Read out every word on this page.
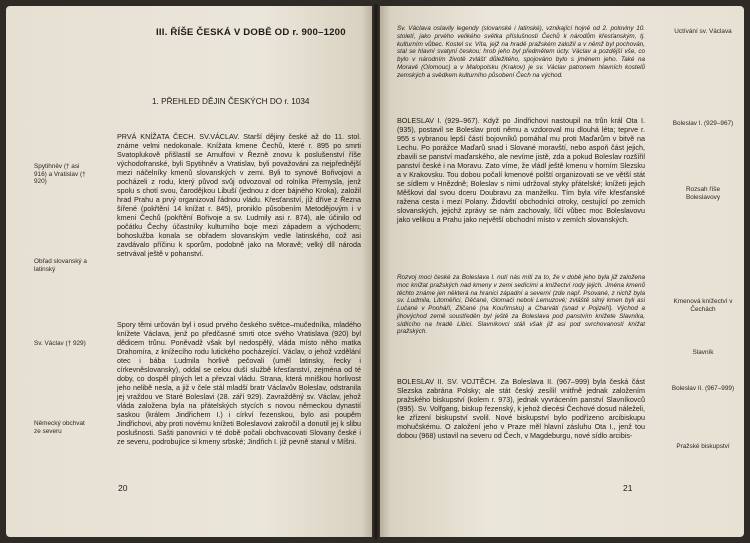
III. ŘÍŠE ČESKÁ V DOBĚ OD r. 900–1200
1. PŘEHLED DĚJIN ČESKÝCH DO r. 1034
Spytihněv († asi 916) a Vratislav († 920)
Obřad slovanský a latinský
Sv. Václav († 929)
Německý obchvat ze severu
PRVÁ KNÍŽATA ČECH. SV.VÁCLAV. Starší dějiny české až do 11. stol. známe velmi nedokonale. Knížata kmene Čechů, které r. 895 po smrti Svatoplukově přišlastil se Arnulfovi v Řezně znovu k poslušenství říše východofranské, byli Spytihněv a Vratislav, byli považováni za nejpřednější mezi náčelníky kmenů slovanských v zemi. Byli to synové Bořivojovi a pocházeli z rodu, který původ svůj odvozoval od rolníka Přemysla, jenž spolu s chotí svou, čarodějkou Libuší (jednou z dcer bájného Kroka), založil hrad Prahu a prvý organizoval řádnou vládu. Křesťanství, jíž dříve z Řezna šířené (pokřtění 14 knížat r. 845), proniklo působením Metodějovým i v kmeni Čechů (pokřtění Bořivoje a sv. Ludmily asi r. 874), ale účinilo od počátku Čechy účastníky kulturního boje mezi západem a východem; bohoslužba konala se obřadem slovanským vedle latinského, což asi zavdávalo příčinu k sporům, podobně jako na Moravě; velký díl národa setrvával ještě v pohanství.
Spory těmi určován byl i osud prvého českého světce–mučedníka, mladého knížete Václava, jenž po předčasné smrti otce svého Vratislava (920) byl dědicem trůnu. Poněvadž však byl nedospělý, vláda místo něho matka Drahomíra, z knížecího rodu lutického pocházející. Václav, o jehož vzdělání otec i bába Ludmila horlivě pečovali (uměl latinsky, řecky i církevněslovansky), oddal se celou duší službě křesťanství, zejména od té doby, co dospěl plných let a převzal vládu. Strana, která mniškou horlivost jeho nelibě nesla, a již v čele stál mladší bratr Václavův Boleslav, odstranila jej vraždou ve Staré Boleslavi (28. září 929). Zavražděný sv. Václav, jehož vláda založena byla na přátelských stycích s novou německou dynastií saskou (králem Jindřichem I.) i církví řezenskou, bylo asi poupěm Jindřichovi, aby proti novému knížeti Boleslavovi zakročil a donutil jej k slibu poslušnosti. Sašti panovnici v té době počali obchvacovati Slovany české i ze severu, podrobujíce si kmeny srbské; Jindřich I. již pevně stanul v Míšni.
20
Uctívání sv. Václava
Boleslav I. (929–967)
Rozsah říše Boleslavovy
Kmenová knížectví v Čechách
Slavník
Boleslav II. (967–999)
Pražské biskupství
Sv. Václava oslavily legendy (slovanské i latinské), vznikající hojně od 2. poloviny 10. století, jako prvého velikého světka příslušnosti Čechů k národům křesťanským, tj. kulturním vůbec. Kostel sv. Víta, jejž na hradě pražském založil a v němž byl pochován, stal se hlavní svatyní českou; hrob jeho byl předmětem úcty. Václav a pozdější vše, co bylo v národním životě zvlášť důležitého, spojováno bylo s jménem jeho. Také na Moravě (Olomouc) a v Malopolsku (Krakov) je sv. Václav patronem hlavních kostelů zemských a svědkem kulturního působení Čech na východ.
BOLESLAV I. (929–967). Když po Jindřichovi nastoupil na trůn král Ota I. (935), postavil se Boleslav proti němu a vzdoroval mu dlouhá léta; teprve r. 955 s vybranou lepší částí bojovníků pomáhal mu proti Maďarům v bitvě na Lechu. Po porážce Maďarů snad i Slované moravští, nebo aspoň část jejich, zbavili se panství maďarského, ale nevíme jistě, zda a pokud Boleslav rozšířil panství české i na Moravu. Zato víme, že vládl ještě kmenu v horním Slezsku a v Krakovsku. Tou dobou počalí kmenové polští organizovati se ve větší stát se sídlem v Hnězdně; Boleslav s nimi udržoval styky přátelské; knížeti jejich Měškovi dal svou dceru Doubravu za manželku. Tím byla víře křesťanské ražena cesta i mezi Polany. Židovští obchodníci otroky, cestující po zemích slovanských, jejichž zprávy se nám zachovaly, líčí vůbec moc Boleslavovu jako velikou a Prahu jako největší obchodní místo v zemích slovanských.
Rozvoj moci české za Boleslava I. nutí nás míti za to, že v době jeho byla již založena moc knížat pražských nad kmeny v zemi sedícími a knížectví rody jejich. Jména kmenů těchto známe jen některá na hranici západní a severní (zde např. Psované, z nichž byla sv. Ludmila, Litoměřici, Děčané, Glomači neboli Lemuzové; zvláště silný kmen byli asi Lučané v Pooháří, Zličané (na Kouřimsku) a Charváti (snad v Pojizeří). Východ a jihovýchod země soustředěn byl ještě za Boleslava pod panstvím knížete Slavníka, sídlícího na hradě Libici. Slavníkovci stáli však již asi pod svrchovaností knížat pražských.
BOLESLAV II. SV. VOJTĚCH. Za Boleslava II. (967–999) byla česká část Slezska zabrána Polsky; ale stát český zesílil vnitřně jednak založením pražského biskupství (kolem r. 973), jednak vyvrácením panství Slavníkovců (995). Sv. Volfgang, biskup řezenský, k jehož diecési Čechové dosud náleželi, ke zřízení biskupství svolil. Nové biskupství bylo podřízeno arcibiskupu mohučskému. O založení jeho v Praze měl hlavní zásluhu Ota I., jenž tou dobou (968) ustavil na severu od Čech, v Magdeburgu, nové sídlo arcibis-
21
